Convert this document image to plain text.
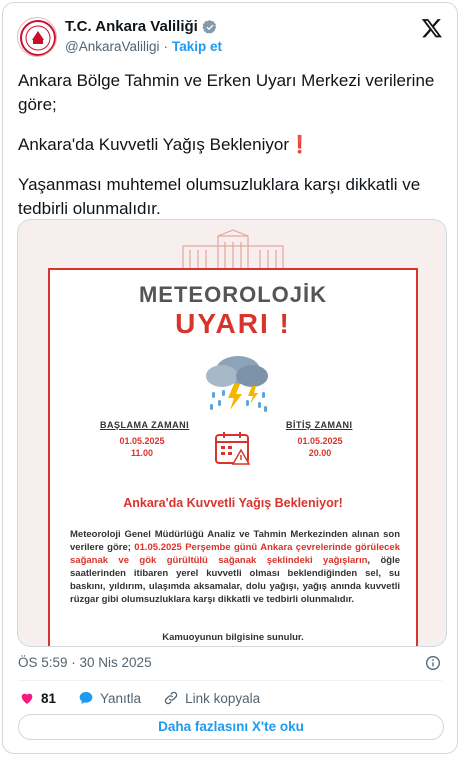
T.C. Ankara Valiliği
@AnkaraValiligi · Takip et

Ankara Bölge Tahmin ve Erken Uyarı Merkezi verilerine göre;

Ankara'da Kuvvetli Yağış Bekleniyor❗

Yaşanması muhtemel olumsuzluklara karşı dikkatli ve tedbirli olunmalıdır.

METEOROLOJİK
UYARI !
BAŞLAMA ZAMANI
01.05.2025
11.00
BİTİŞ ZAMANI
01.05.2025
20.00
Ankara'da Kuvvetli Yağış Bekleniyor!
Meteoroloji Genel Müdürlüğü Analiz ve Tahmin Merkezinden alınan son verilere göre; 01.05.2025 Perşembe günü Ankara çevrelerinde görülecek sağanak ve gök gürültülü sağanak şeklindeki yağışların, öğle saatlerinden itibaren yerel kuvvetli olması beklendiğinden sel, su baskını, yıldırım, ulaşımda aksamalar, dolu yağışı, yağış anında kuvvetli rüzgar gibi olumsuzluklara karşı dikkatli ve tedbirli olunmalıdır.
Kamuoyunun bilgisine sunulur.
ÖS 5:59 · 30 Nis 2025
81	Yanıtla	Link kopyala
Daha fazlasını X'te oku
